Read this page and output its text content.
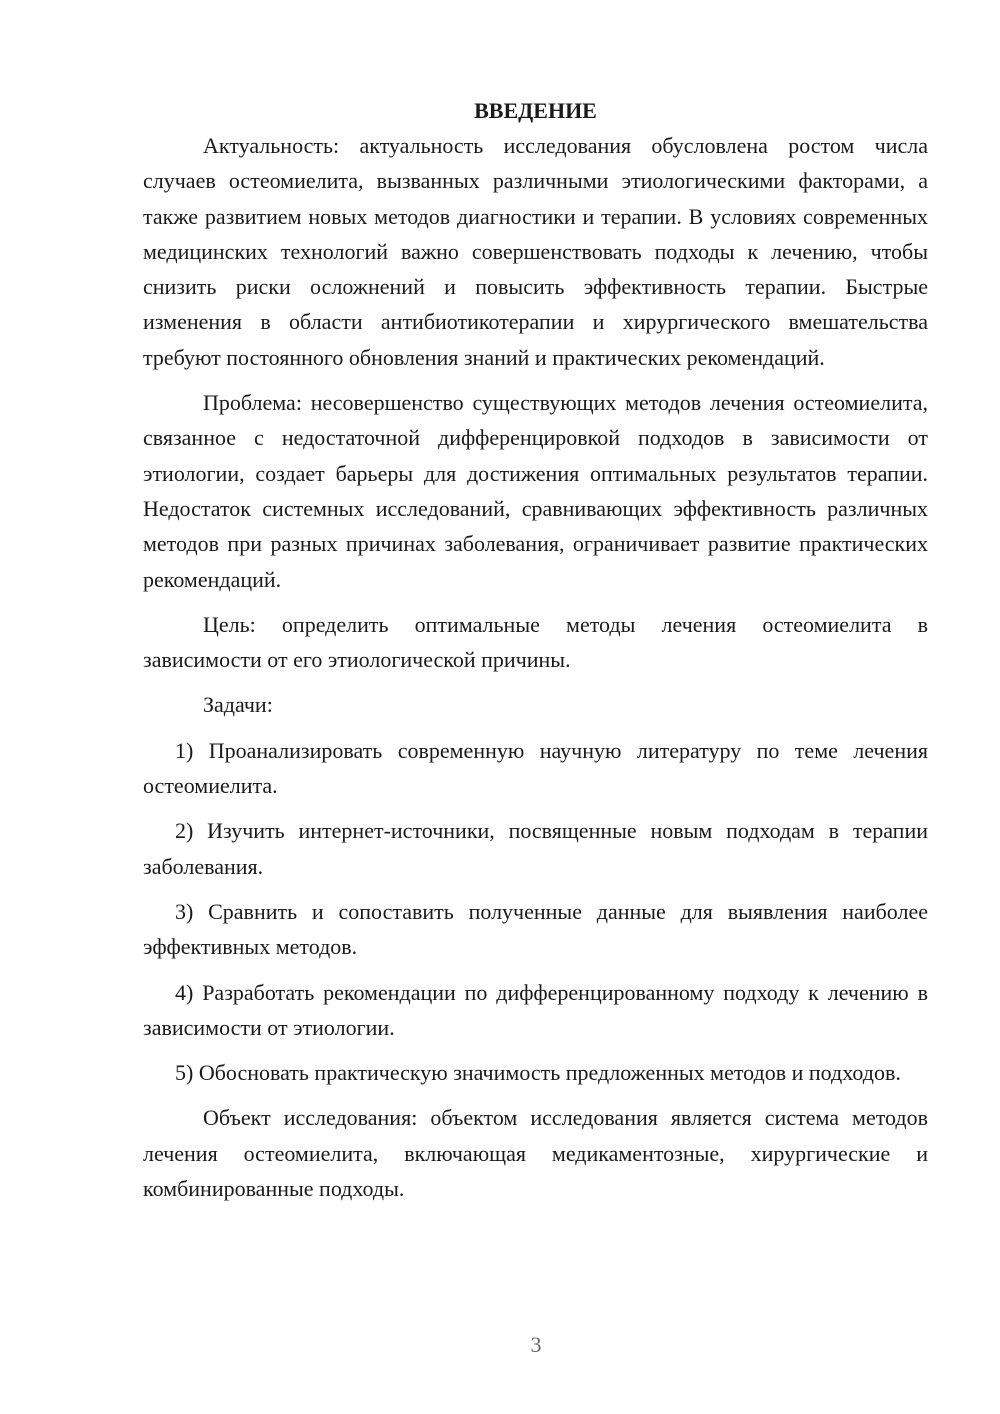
ВВЕДЕНИЕ

Актуальность: актуальность исследования обусловлена ростом числа случаев остеомиелита, вызванных различными этиологическими факторами, а также развитием новых методов диагностики и терапии. В условиях современных медицинских технологий важно совершенствовать подходы к лечению, чтобы снизить риски осложнений и повысить эффективность терапии. Быстрые изменения в области антибиотикотерапии и хирургического вмешательства требуют постоянного обновления знаний и практических рекомендаций.

Проблема: несовершенство существующих методов лечения остеомиелита, связанное с недостаточной дифференцировкой подходов в зависимости от этиологии, создает барьеры для достижения оптимальных результатов терапии. Недостаток системных исследований, сравнивающих эффективность различных методов при разных причинах заболевания, ограничивает развитие практических рекомендаций.

Цель: определить оптимальные методы лечения остеомиелита в зависимости от его этиологической причины.

Задачи:

1) Проанализировать современную научную литературу по теме лечения остеомиелита.

2) Изучить интернет-источники, посвященные новым подходам в терапии заболевания.

3) Сравнить и сопоставить полученные данные для выявления наиболее эффективных методов.

4) Разработать рекомендации по дифференцированному подходу к лечению в зависимости от этиологии.

5) Обосновать практическую значимость предложенных методов и подходов.

Объект исследования: объектом исследования является система методов лечения остеомиелита, включающая медикаментозные, хирургические и комбинированные подходы.

3
